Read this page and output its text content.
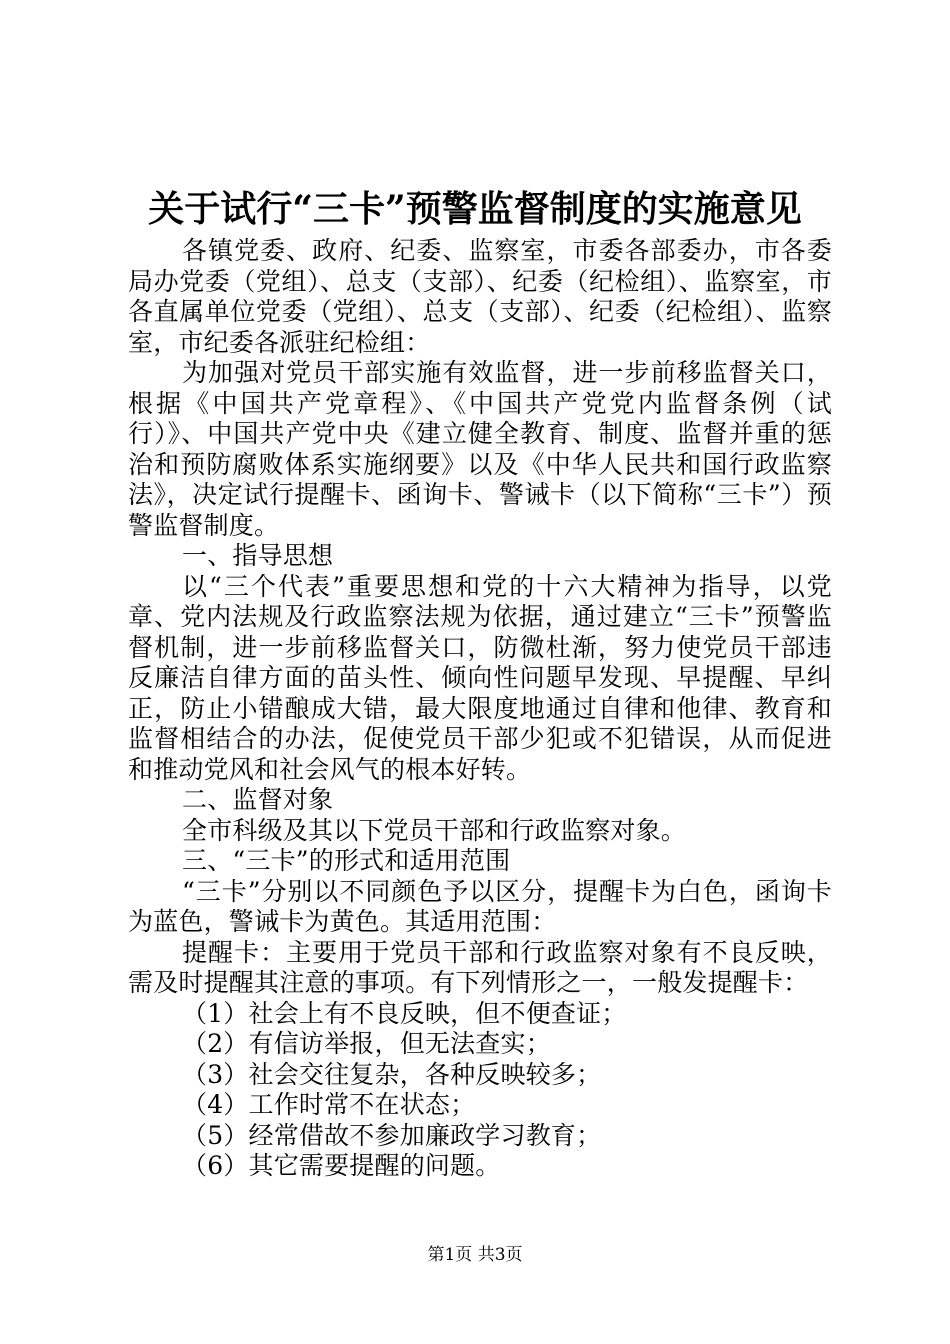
关于试行“三卡”预警监督制度的实施意见

各镇党委、政府、纪委、监察室，市委各部委办，市各委局办党委（党组）、总支（支部）、纪委（纪检组）、监察室，市各直属单位党委（党组）、总支（支部）、纪委（纪检组）、监察室，市纪委各派驻纪检组：

为加强对党员干部实施有效监督，进一步前移监督关口，根据《中国共产党章程》、《中国共产党党内监督条例（试行）》、中国共产党中央《建立健全教育、制度、监督并重的惩治和预防腐败体系实施纲要》以及《中华人民共和国行政监察法》，决定试行提醒卡、函询卡、警诫卡（以下简称“三卡”）预警监督制度。

一、指导思想

以“三个代表”重要思想和党的十六大精神为指导，以党章、党内法规及行政监察法规为依据，通过建立“三卡”预警监督机制，进一步前移监督关口，防微杜渐，努力使党员干部违反廉洁自律方面的苗头性、倾向性问题早发现、早提醒、早纠正，防止小错酿成大错，最大限度地通过自律和他律、教育和监督相结合的办法，促使党员干部少犯或不犯错误，从而促进和推动党风和社会风气的根本好转。

二、监督对象

全市科级及其以下党员干部和行政监察对象。

三、“三卡”的形式和适用范围

“三卡”分别以不同颜色予以区分，提醒卡为白色，函询卡为蓝色，警诫卡为黄色。其适用范围：

提醒卡：主要用于党员干部和行政监察对象有不良反映，需及时提醒其注意的事项。有下列情形之一，一般发提醒卡：

（1）社会上有不良反映，但不便查证；

（2）有信访举报，但无法查实；

（3）社会交往复杂，各种反映较多；

（4）工作时常不在状态；

（5）经常借故不参加廉政学习教育；

（6）其它需要提醒的问题。

第1页 共3页
